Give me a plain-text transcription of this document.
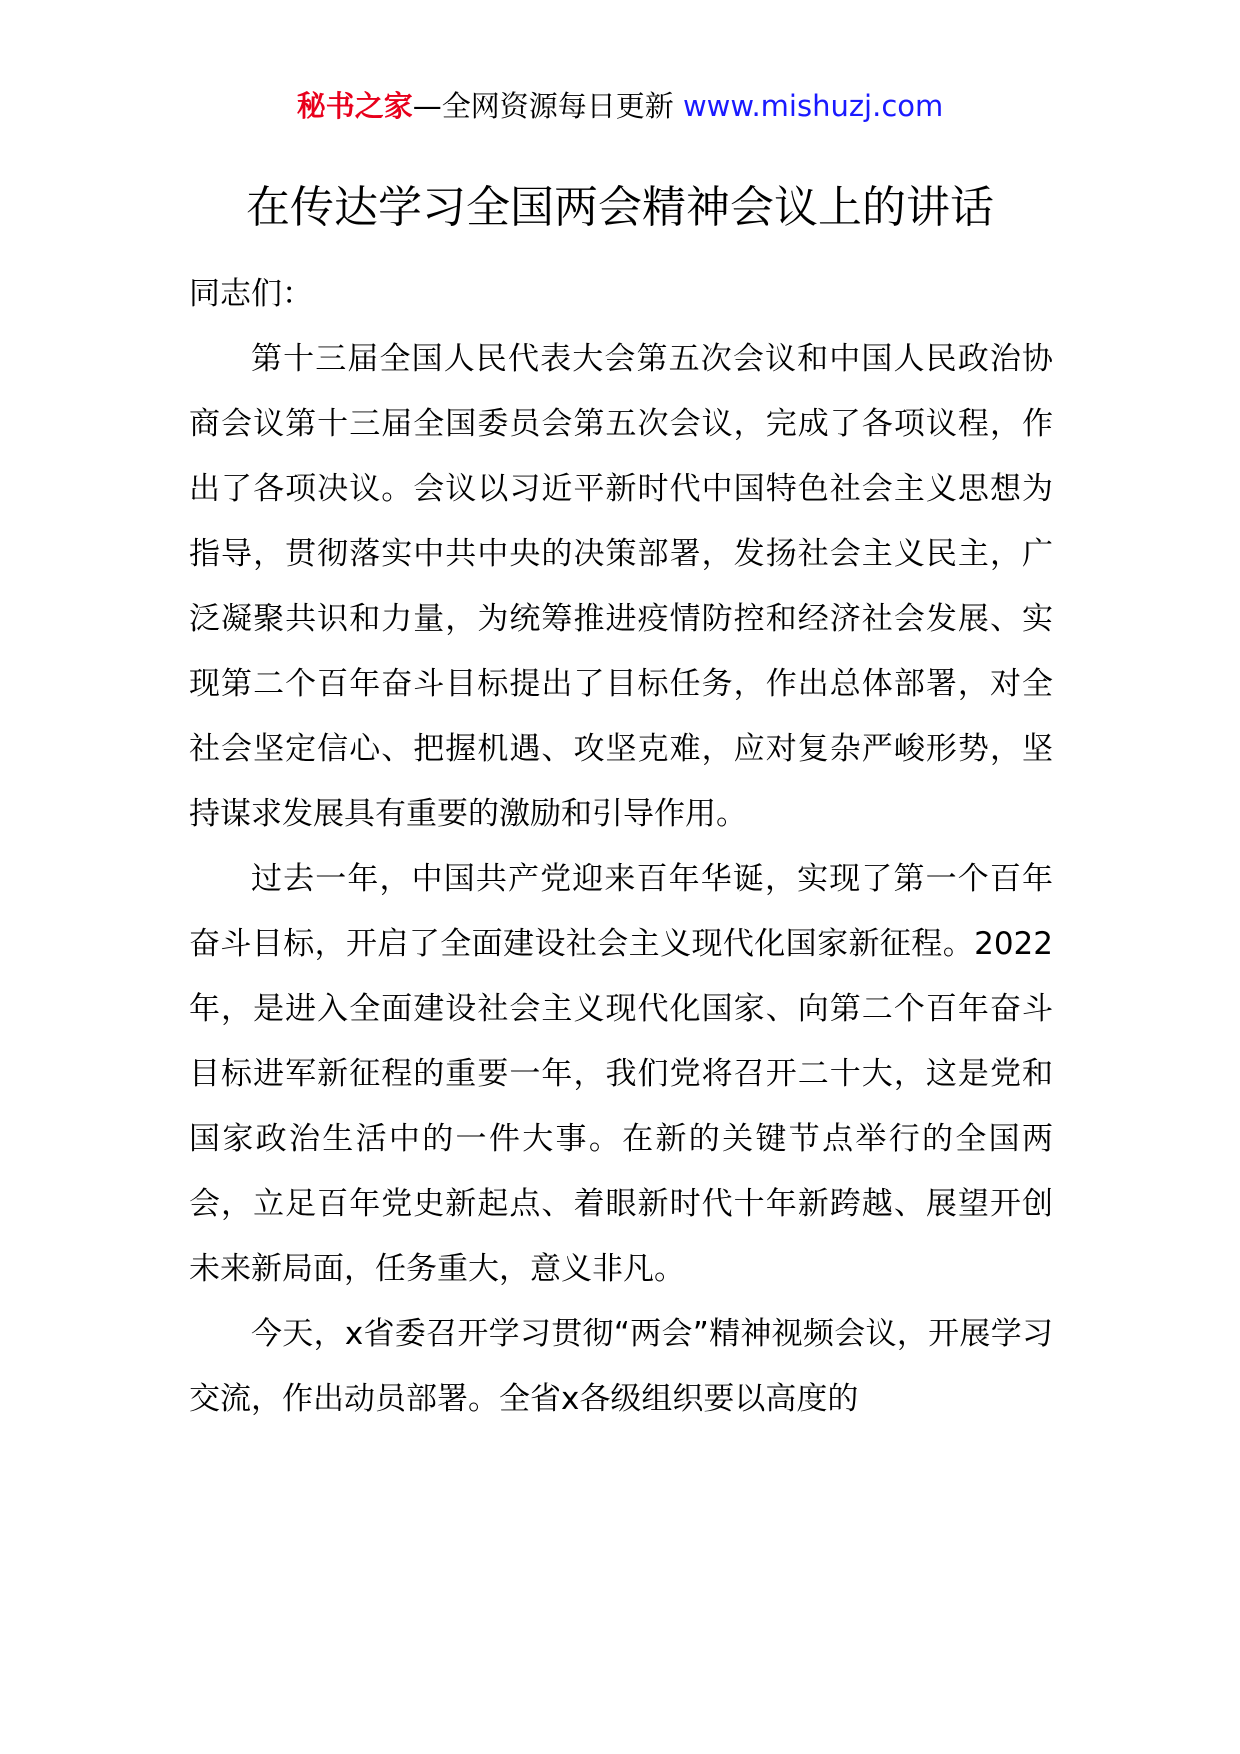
秘书之家—全网资源每日更新 www.mishuzj.com
在传达学习全国两会精神会议上的讲话

同志们：

第十三届全国人民代表大会第五次会议和中国人民政治协商会议第十三届全国委员会第五次会议，完成了各项议程，作出了各项决议。会议以习近平新时代中国特色社会主义思想为指导，贯彻落实中共中央的决策部署，发扬社会主义民主，广泛凝聚共识和力量，为统筹推进疫情防控和经济社会发展、实现第二个百年奋斗目标提出了目标任务，作出总体部署，对全社会坚定信心、把握机遇、攻坚克难，应对复杂严峻形势，坚持谋求发展具有重要的激励和引导作用。

过去一年，中国共产党迎来百年华诞，实现了第一个百年奋斗目标，开启了全面建设社会主义现代化国家新征程。2022年，是进入全面建设社会主义现代化国家、向第二个百年奋斗目标进军新征程的重要一年，我们党将召开二十大，这是党和国家政治生活中的一件大事。在新的关键节点举行的全国两会，立足百年党史新起点、着眼新时代十年新跨越、展望开创未来新局面，任务重大，意义非凡。

今天，x省委召开学习贯彻“两会”精神视频会议，开展学习交流，作出动员部署。全省x各级组织要以高度的
